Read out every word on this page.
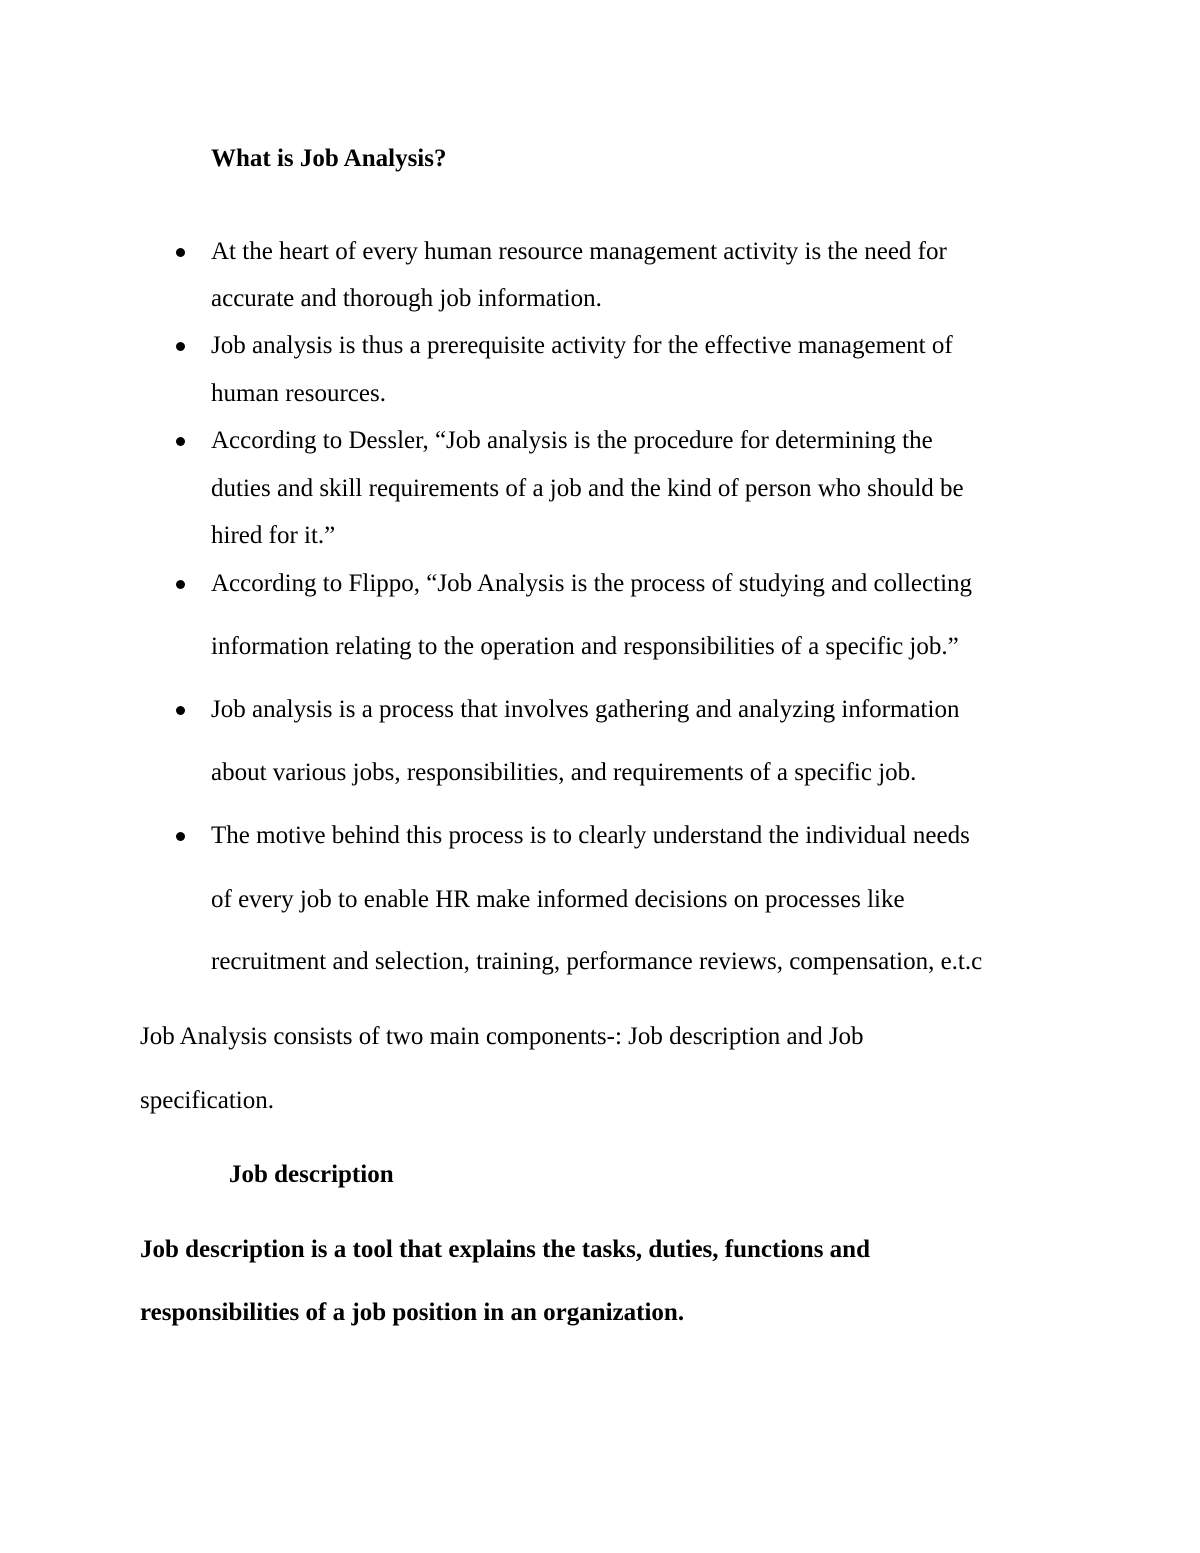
What is Job Analysis?

At the heart of every human resource management activity is the need for

accurate and thorough job information.

Job analysis is thus a prerequisite activity for the effective management of

human resources.

According to Dessler, “Job analysis is the procedure for determining the

duties and skill requirements of a job and the kind of person who should be

hired for it.”

According to Flippo, “Job Analysis is the process of studying and collecting

information relating to the operation and responsibilities of a specific job.”

Job analysis is a process that involves gathering and analyzing information

about various jobs, responsibilities, and requirements of a specific job.

The motive behind this process is to clearly understand the individual needs

of every job to enable HR make informed decisions on processes like

recruitment and selection, training, performance reviews, compensation, e.t.c

Job Analysis consists of two main components-: Job description and Job

specification.

Job description

Job description is a tool that explains the tasks, duties, functions and

responsibilities of a job position in an organization.
